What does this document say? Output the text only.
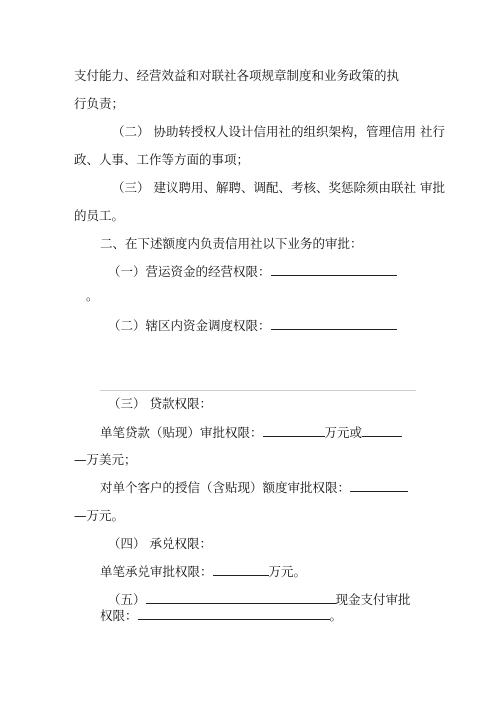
支付能力、经营效益和对联社各项规章制度和业务政策的执
行负责；
（二） 协助转授权人设计信用社的组织架构，管理信用 社行
政、人事、工作等方面的事项；
（三） 建议聘用、解聘、调配、考核、奖惩除须由联社 审批
的员工。
二、在下述额度内负责信用社以下业务的审批：
（一）营运资金的经营权限：
。
（二）辖区内资金调度权限：
（三） 贷款权限：
单笔贷款（贴现）审批权限：	万元或
—万美元；
对单个客户的授信（含贴现）额度审批权限：
—万元。
（四） 承兑权限：
单笔承兑审批权限：	万元。
（五）	现金支付审批
权限：	。
